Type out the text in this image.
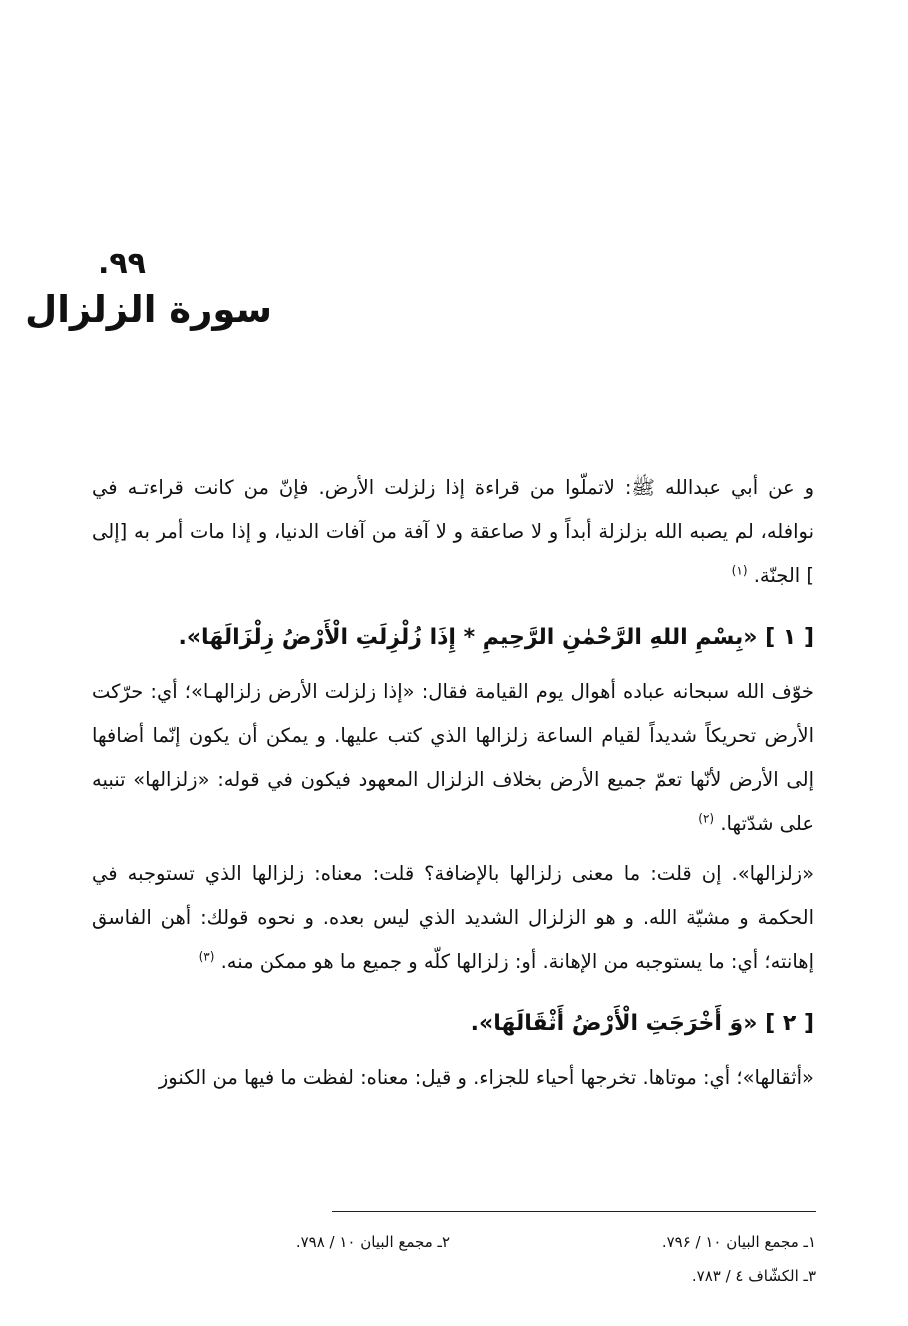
۹۹.
سورة الزلزال

و عن أبي عبدالله ﷺ: لاتملّوا من قراءة إذا زلزلت الأرض. فإنّ من كانت قراءتـه في نوافله، لم يصبه الله بزلزلة أبداً و لا صاعقة و لا آفة من آفات الدنيا، و إذا مات أمر به [إلى ] الجنّة. $^{(۱)}$

[ ۱ ] «بِسْمِ اللهِ الرَّحْمٰنِ الرَّحِيمِ * إِذَا زُلْزِلَتِ الْأَرْضُ زِلْزَالَهَا».

خوّف الله سبحانه عباده أهوال يوم القيامة فقال: «إذا زلزلت الأرض زلزالهـا»؛ أي: حرّكت الأرض تحريكاً شديداً لقيام الساعة زلزالها الذي كتب عليها. و يمكن أن يكون إنّما أضافها إلى الأرض لأنّها تعمّ جميع الأرض بخلاف الزلزال المعهود فيكون في قوله: «زلزالها» تنبيه على شدّتها. $^{(۲)}$

«زلزالها». إن قلت: ما معنى زلزالها بالإضافة؟ قلت: معناه: زلزالها الذي تستوجبه في الحكمة و مشيّة الله. و هو الزلزال الشديد الذي ليس بعده. و نحوه قولك: أهن الفاسق إهانته؛ أي: ما يستوجبه من الإهانة. أو: زلزالها كلّه و جميع ما هو ممكن منه. $^{(۳)}$

[ ۲ ] «وَ أَخْرَجَتِ الْأَرْضُ أَثْقَالَهَا».

«أثقالها»؛ أي: موتاها. تخرجها أحياء للجزاء. و قيل: معناه: لفظت ما فيها من الكنوز

۱ـ مجمع البيان ۱۰ / ۷۹۶.
۲ـ مجمع البيان ۱۰ / ۷۹۸.
۳ـ الكشّاف ٤ / ۷۸۳.
